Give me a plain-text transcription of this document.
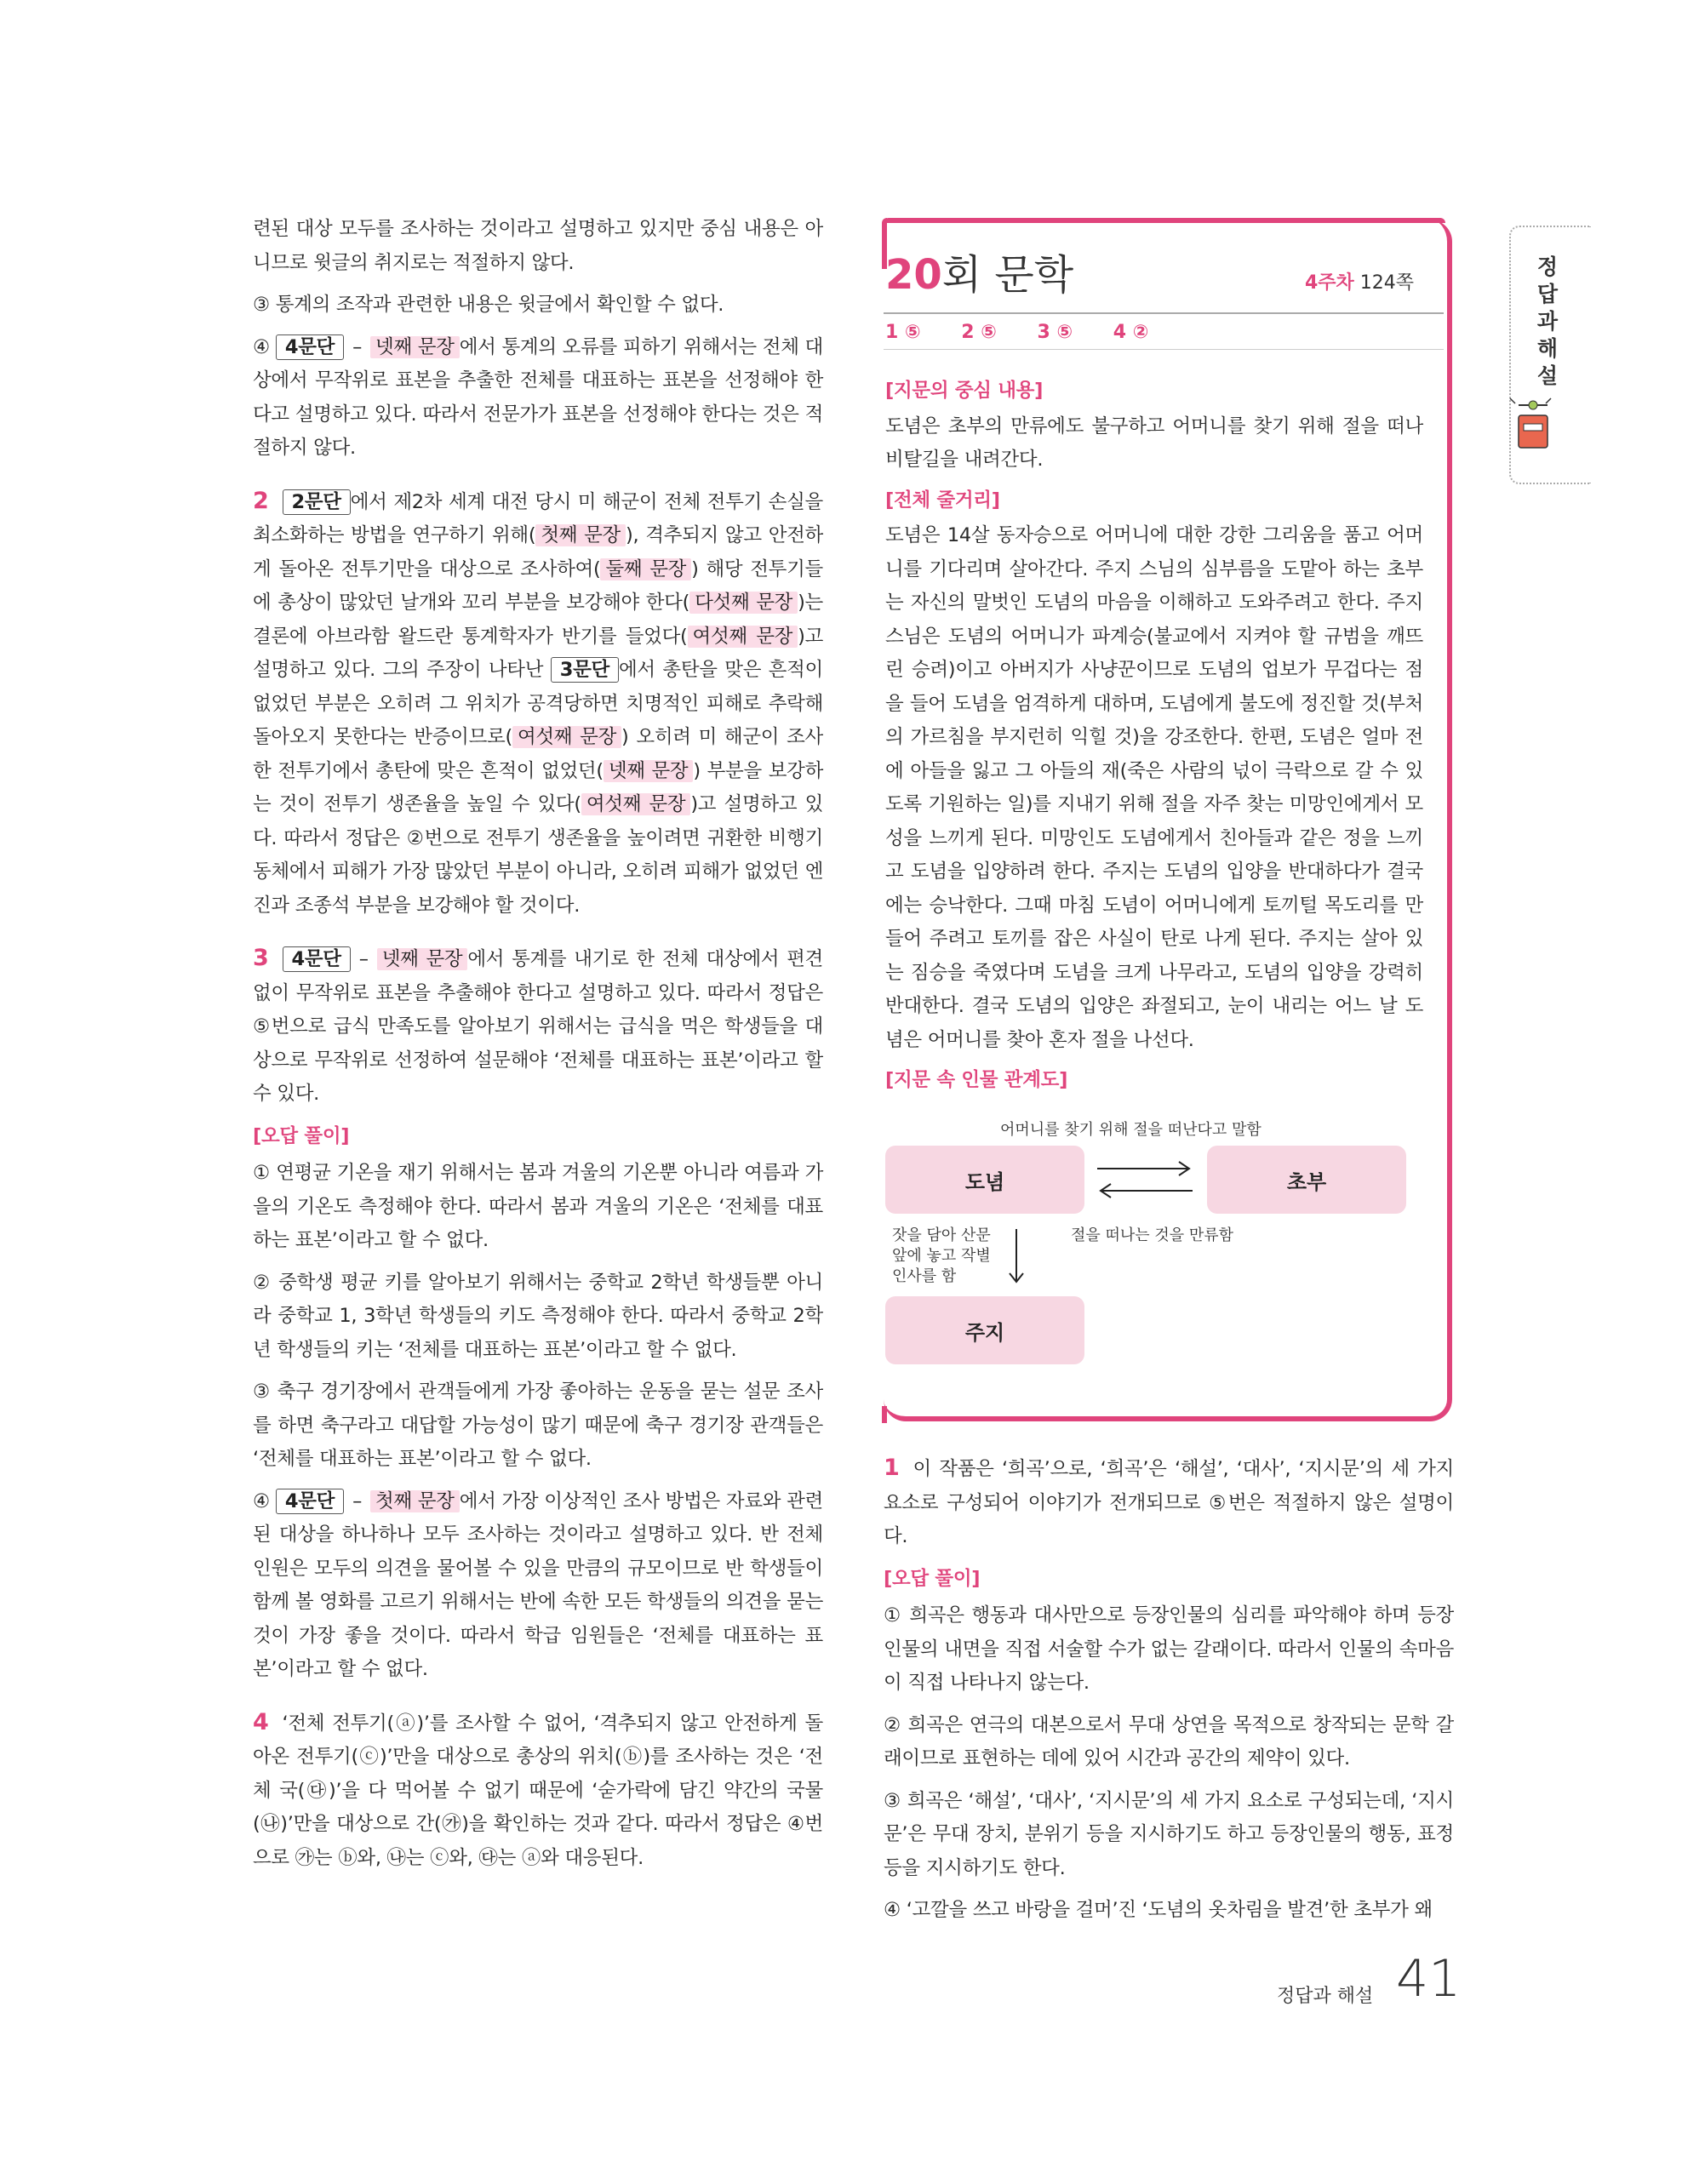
련된 대상 모두를 조사하는 것이라고 설명하고 있지만 중심 내용은 아니므로 윗글의 취지로는 적절하지 않다.

③ 통계의 조작과 관련한 내용은 윗글에서 확인할 수 없다.

④ 4문단 – 넷째 문장 에서 통계의 오류를 피하기 위해서는 전체 대상에서 무작위로 표본을 추출한 전체를 대표하는 표본을 선정해야 한다고 설명하고 있다. 따라서 전문가가 표본을 선정해야 한다는 것은 적절하지 않다.

2 2문단 에서 제2차 세계 대전 당시 미 해군이 전체 전투기 손실을 최소화하는 방법을 연구하기 위해( 첫째 문장 ), 격추되지 않고 안전하게 돌아온 전투기만을 대상으로 조사하여( 둘째 문장 ) 해당 전투기들에 총상이 많았던 날개와 꼬리 부분을 보강해야 한다( 다섯째 문장 )는 결론에 아브라함 왈드란 통계학자가 반기를 들었다( 여섯째 문장 )고 설명하고 있다. 그의 주장이 나타난 3문단 에서 총탄을 맞은 흔적이 없었던 부분은 오히려 그 위치가 공격당하면 치명적인 피해로 추락해 돌아오지 못한다는 반증이므로( 여섯째 문장 ) 오히려 미 해군이 조사한 전투기에서 총탄에 맞은 흔적이 없었던( 넷째 문장 ) 부분을 보강하는 것이 전투기 생존율을 높일 수 있다( 여섯째 문장 )고 설명하고 있다. 따라서 정답은 ②번으로 전투기 생존율을 높이려면 귀환한 비행기 동체에서 피해가 가장 많았던 부분이 아니라, 오히려 피해가 없었던 엔진과 조종석 부분을 보강해야 할 것이다.

3 4문단 – 넷째 문장 에서 통계를 내기로 한 전체 대상에서 편견 없이 무작위로 표본을 추출해야 한다고 설명하고 있다. 따라서 정답은 ⑤번으로 급식 만족도를 알아보기 위해서는 급식을 먹은 학생들을 대상으로 무작위로 선정하여 설문해야 ‘전체를 대표하는 표본’이라고 할 수 있다.

[오답 풀이]

① 연평균 기온을 재기 위해서는 봄과 겨울의 기온뿐 아니라 여름과 가을의 기온도 측정해야 한다. 따라서 봄과 겨울의 기온은 ‘전체를 대표하는 표본’이라고 할 수 없다.

② 중학생 평균 키를 알아보기 위해서는 중학교 2학년 학생들뿐 아니라 중학교 1, 3학년 학생들의 키도 측정해야 한다. 따라서 중학교 2학년 학생들의 키는 ‘전체를 대표하는 표본’이라고 할 수 없다.

③ 축구 경기장에서 관객들에게 가장 좋아하는 운동을 묻는 설문 조사를 하면 축구라고 대답할 가능성이 많기 때문에 축구 경기장 관객들은 ‘전체를 대표하는 표본’이라고 할 수 없다.

④ 4문단 – 첫째 문장 에서 가장 이상적인 조사 방법은 자료와 관련된 대상을 하나하나 모두 조사하는 것이라고 설명하고 있다. 반 전체 인원은 모두의 의견을 물어볼 수 있을 만큼의 규모이므로 반 학생들이 함께 볼 영화를 고르기 위해서는 반에 속한 모든 학생들의 의견을 묻는 것이 가장 좋을 것이다. 따라서 학급 임원들은 ‘전체를 대표하는 표본’이라고 할 수 없다.

4 ‘전체 전투기(ⓐ)’를 조사할 수 없어, ‘격추되지 않고 안전하게 돌아온 전투기(ⓒ)’만을 대상으로 총상의 위치(ⓑ)를 조사하는 것은 ‘전체 국(㉰)’을 다 먹어볼 수 없기 때문에 ‘숟가락에 담긴 약간의 국물(㉯)’만을 대상으로 간(㉮)을 확인하는 것과 같다. 따라서 정답은 ④번으로 ㉮는 ⓑ와, ㉯는 ⓒ와, ㉰는 ⓐ와 대응된다.

20회 문학	4주차 124쪽
1 ⑤ 2 ⑤ 3 ⑤ 4 ②
[지문의 중심 내용]

도념은 초부의 만류에도 불구하고 어머니를 찾기 위해 절을 떠나 비탈길을 내려간다.

[전체 줄거리]

도념은 14살 동자승으로 어머니에 대한 강한 그리움을 품고 어머니를 기다리며 살아간다. 주지 스님의 심부름을 도맡아 하는 초부는 자신의 말벗인 도념의 마음을 이해하고 도와주려고 한다. 주지 스님은 도념의 어머니가 파계승(불교에서 지켜야 할 규범을 깨뜨린 승려)이고 아버지가 사냥꾼이므로 도념의 업보가 무겁다는 점을 들어 도념을 엄격하게 대하며, 도념에게 불도에 정진할 것(부처의 가르침을 부지런히 익힐 것)을 강조한다. 한편, 도념은 얼마 전에 아들을 잃고 그 아들의 재(죽은 사람의 넋이 극락으로 갈 수 있도록 기원하는 일)를 지내기 위해 절을 자주 찾는 미망인에게서 모성을 느끼게 된다. 미망인도 도념에게서 친아들과 같은 정을 느끼고 도념을 입양하려 한다. 주지는 도념의 입양을 반대하다가 결국에는 승낙한다. 그때 마침 도념이 어머니에게 토끼털 목도리를 만들어 주려고 토끼를 잡은 사실이 탄로 나게 된다. 주지는 살아 있는 짐승을 죽였다며 도념을 크게 나무라고, 도념의 입양을 강력히 반대한다. 결국 도념의 입양은 좌절되고, 눈이 내리는 어느 날 도념은 어머니를 찾아 혼자 절을 나선다.

[지문 속 인물 관계도]
어머니를 찾기 위해 절을 떠난다고 말함
도념	초부
잣을 담아 산문
앞에 놓고 작별
인사를 함
절을 떠나는 것을 만류함
주지

1 이 작품은 ‘희곡’으로, ‘희곡’은 ‘해설’, ‘대사’, ‘지시문’의 세 가지 요소로 구성되어 이야기가 전개되므로 ⑤번은 적절하지 않은 설명이다.

[오답 풀이]

① 희곡은 행동과 대사만으로 등장인물의 심리를 파악해야 하며 등장인물의 내면을 직접 서술할 수가 없는 갈래이다. 따라서 인물의 속마음이 직접 나타나지 않는다.

② 희곡은 연극의 대본으로서 무대 상연을 목적으로 창작되는 문학 갈래이므로 표현하는 데에 있어 시간과 공간의 제약이 있다.

③ 희곡은 ‘해설’, ‘대사’, ‘지시문’의 세 가지 요소로 구성되는데, ‘지시문’은 무대 장치, 분위기 등을 지시하기도 하고 등장인물의 행동, 표정 등을 지시하기도 한다.

④ ‘고깔을 쓰고 바랑을 걸머’진 ‘도념의 옷차림을 발견’한 초부가 왜

정
답
과
해
설
정답과 해설 41
